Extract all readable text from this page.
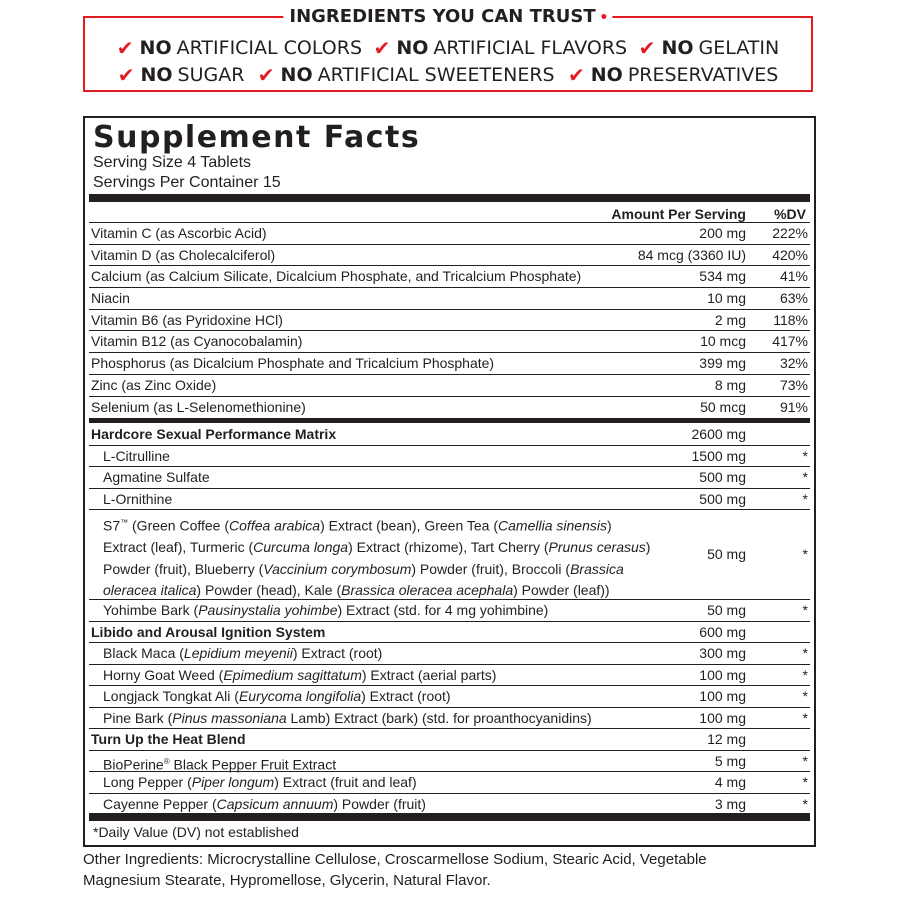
INGREDIENTS YOU CAN TRUST
✔ NO ARTIFICIAL COLORS ✔ NO ARTIFICIAL FLAVORS ✔ NO GELATIN
✔ NO SUGAR ✔ NO ARTIFICIAL SWEETENERS ✔ NO PRESERVATIVES
Supplement Facts
Serving Size 4 Tablets
Servings Per Container 15
Amount Per Serving %DV
Vitamin C (as Ascorbic Acid)	200 mg 222%
Vitamin D (as Cholecalciferol)	84 mcg (3360 IU) 420%
Calcium (as Calcium Silicate, Dicalcium Phosphate, and Tricalcium Phosphate)	534 mg 41%
Niacin	10 mg 63%
Vitamin B6 (as Pyridoxine HCl)	2 mg 118%
Vitamin B12 (as Cyanocobalamin)	10 mcg 417%
Phosphorus (as Dicalcium Phosphate and Tricalcium Phosphate)	399 mg 32%
Zinc (as Zinc Oxide)	8 mg 73%
Selenium (as L-Selenomethionine)	50 mcg 91%
Hardcore Sexual Performance Matrix	2600 mg
L-Citrulline	1500 mg	*
Agmatine Sulfate	500 mg	*
L-Ornithine	500 mg	*
S7™ (Green Coffee (Coffea arabica) Extract (bean), Green Tea (Camellia sinensis)
Extract (leaf), Turmeric (Curcuma longa) Extract (rhizome), Tart Cherry (Prunus cerasus)
Powder (fruit), Blueberry (Vaccinium corymbosum) Powder (fruit), Broccoli (Brassica
oleracea italica) Powder (head), Kale (Brassica oleracea acephala) Powder (leaf))
50 mg	*
Yohimbe Bark (Pausinystalia yohimbe) Extract (std. for 4 mg yohimbine)	50 mg	*
Libido and Arousal Ignition System	600 mg
Black Maca (Lepidium meyenii) Extract (root)	300 mg	*
Horny Goat Weed (Epimedium sagittatum) Extract (aerial parts)	100 mg	*
Longjack Tongkat Ali (Eurycoma longifolia) Extract (root)	100 mg	*
Pine Bark (Pinus massoniana Lamb) Extract (bark) (std. for proanthocyanidins)	100 mg	*
Turn Up the Heat Blend	12 mg
BioPerine® Black Pepper Fruit Extract	5 mg	*
Long Pepper (Piper longum) Extract (fruit and leaf)	4 mg	*
Cayenne Pepper (Capsicum annuum) Powder (fruit)	3 mg	*
*Daily Value (DV) not established
Other Ingredients: Microcrystalline Cellulose, Croscarmellose Sodium, Stearic Acid, Vegetable
Magnesium Stearate, Hypromellose, Glycerin, Natural Flavor.
